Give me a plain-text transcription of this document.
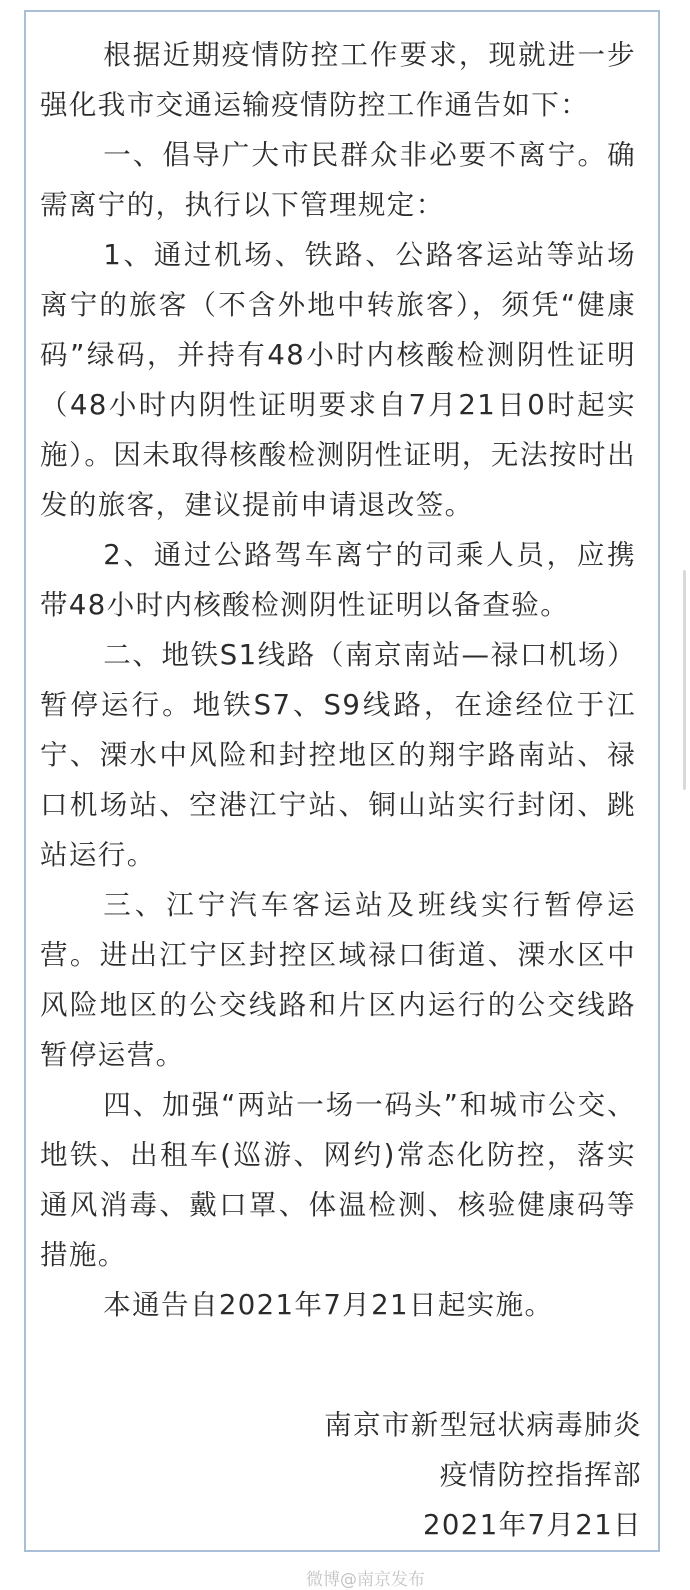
根据近期疫情防控工作要求，现就进一步强化我市交通运输疫情防控工作通告如下：

一、倡导广大市民群众非必要不离宁。确需离宁的，执行以下管理规定：

1、通过机场、铁路、公路客运站等站场离宁的旅客（不含外地中转旅客），须凭“健康码”绿码，并持有48小时内核酸检测阴性证明（48小时内阴性证明要求自7月21日0时起实施）。因未取得核酸检测阴性证明，无法按时出发的旅客，建议提前申请退改签。

2、通过公路驾车离宁的司乘人员，应携带48小时内核酸检测阴性证明以备查验。

二、地铁S1线路（南京南站—禄口机场）暂停运行。地铁S7、S9线路，在途经位于江宁、溧水中风险和封控地区的翔宇路南站、禄口机场站、空港江宁站、铜山站实行封闭、跳站运行。

三、江宁汽车客运站及班线实行暂停运营。进出江宁区封控区域禄口街道、溧水区中风险地区的公交线路和片区内运行的公交线路暂停运营。

四、加强“两站一场一码头”和城市公交、地铁、出租车(巡游、网约)常态化防控，落实通风消毒、戴口罩、体温检测、核验健康码等措施。

本通告自2021年7月21日起实施。

南京市新型冠状病毒肺炎
疫情防控指挥部
2021年7月21日
微博@南京发布
